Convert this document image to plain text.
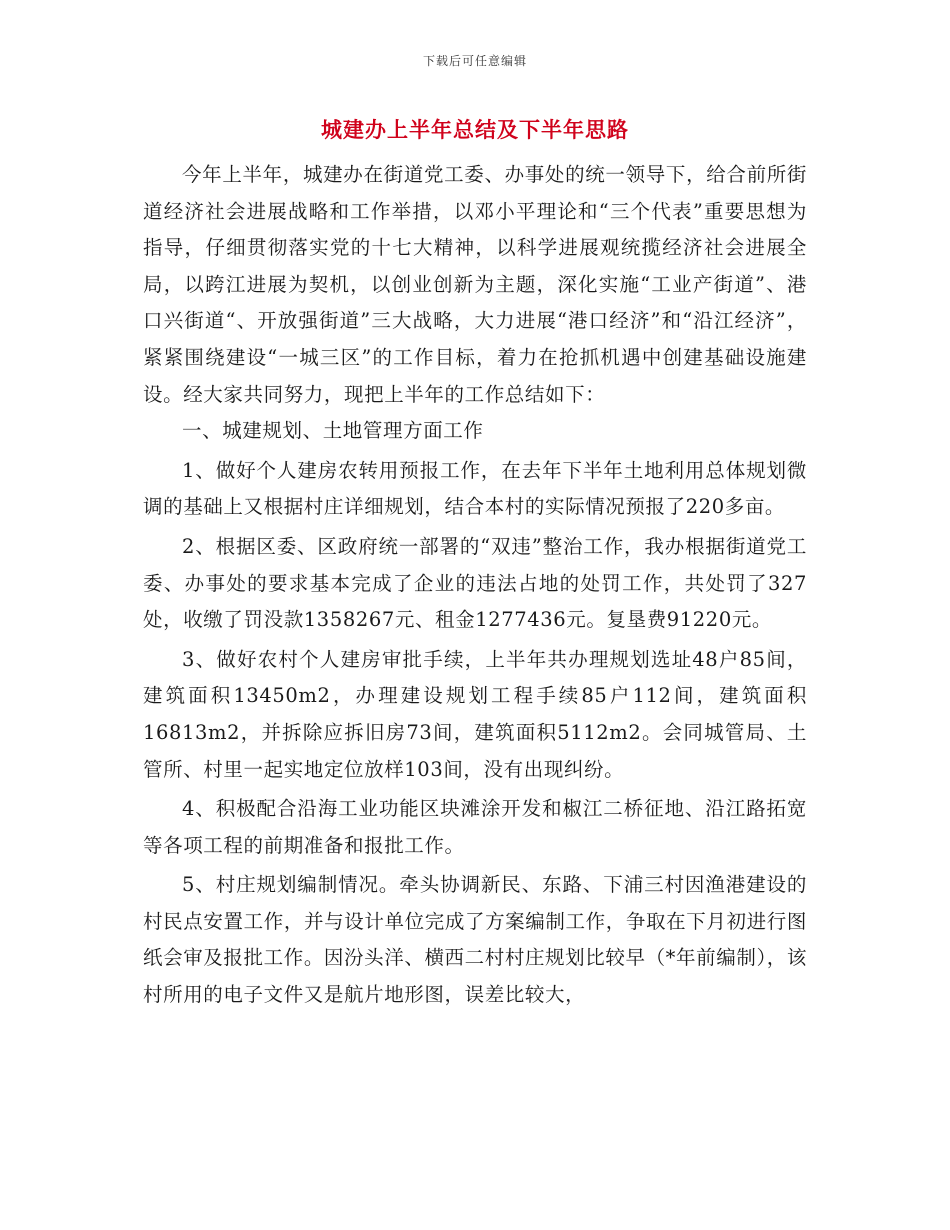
下载后可任意编辑
城建办上半年总结及下半年思路

今年上半年，城建办在街道党工委、办事处的统一领导下，给合前所街道经济社会进展战略和工作举措，以邓小平理论和“三个代表”重要思想为指导，仔细贯彻落实党的十七大精神，以科学进展观统揽经济社会进展全局，以跨江进展为契机，以创业创新为主题，深化实施“工业产街道”、港口兴街道“、开放强街道”三大战略，大力进展“港口经济”和“沿江经济”，紧紧围绕建设“一城三区”的工作目标，着力在抢抓机遇中创建基础设施建设。经大家共同努力，现把上半年的工作总结如下：

一、城建规划、土地管理方面工作

1、做好个人建房农转用预报工作，在去年下半年土地利用总体规划微调的基础上又根据村庄详细规划，结合本村的实际情况预报了220多亩。

2、根据区委、区政府统一部署的“双违”整治工作，我办根据街道党工委、办事处的要求基本完成了企业的违法占地的处罚工作，共处罚了327处，收缴了罚没款1358267元、租金1277436元。复垦费91220元。

3、做好农村个人建房审批手续，上半年共办理规划选址48户85间，建筑面积13450m2，办理建设规划工程手续85户112间，建筑面积16813m2，并拆除应拆旧房73间，建筑面积5112m2。会同城管局、土管所、村里一起实地定位放样103间，没有出现纠纷。

4、积极配合沿海工业功能区块滩涂开发和椒江二桥征地、沿江路拓宽等各项工程的前期准备和报批工作。

5、村庄规划编制情况。牵头协调新民、东路、下浦三村因渔港建设的村民点安置工作，并与设计单位完成了方案编制工作，争取在下月初进行图纸会审及报批工作。因汾头洋、横西二村村庄规划比较早（*年前编制），该村所用的电子文件又是航片地形图，误差比较大，
